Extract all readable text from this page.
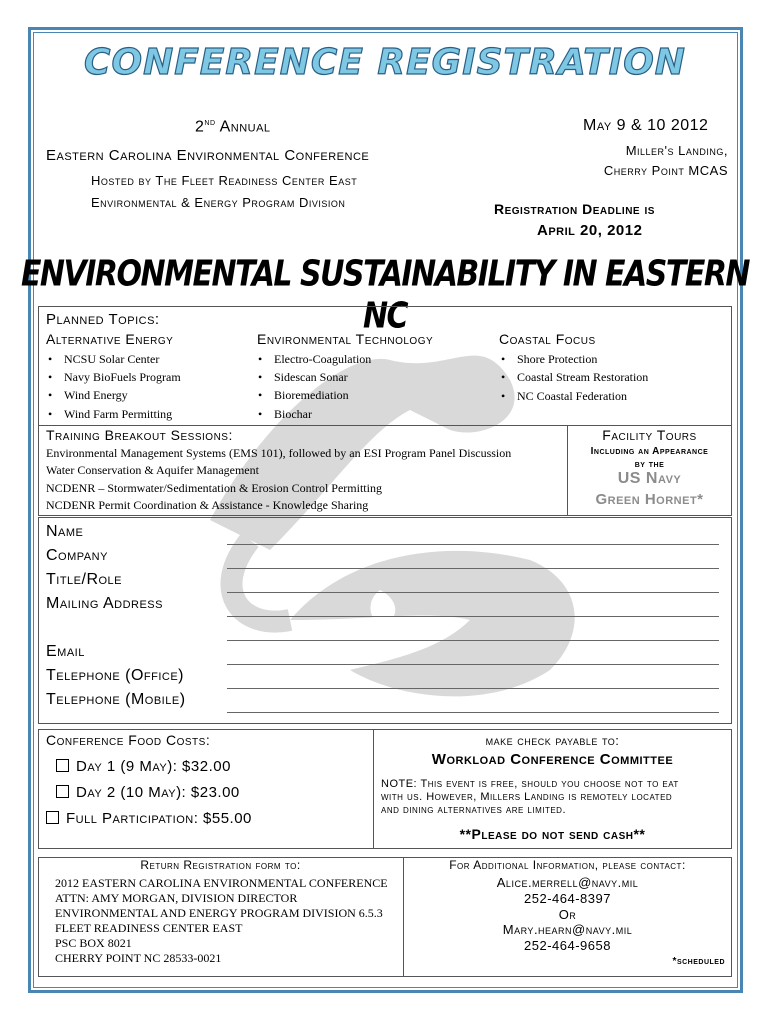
CONFERENCE REGISTRATION
2nd Annual
Eastern Carolina Environmental Conference
Hosted by The Fleet Readiness Center East
Environmental & Energy Program Division
May 9 & 10 2012
Miller's Landing,
Cherry Point MCAS
Registration Deadline is
April 20, 2012
ENVIRONMENTAL SUSTAINABILITY IN EASTERN NC
Planned Topics:
Alternative Energy	Environmental Technology	Coastal Focus
• NCSU Solar Center
• Navy BioFuels Program
• Wind Energy
• Wind Farm Permitting
• Electro-Coagulation
• Sidescan Sonar
• Bioremediation
• Biochar
• Shore Protection
• Coastal Stream Restoration
• NC Coastal Federation
Training Breakout Sessions:
Environmental Management Systems (EMS 101), followed by an ESI Program Panel Discussion
Water Conservation & Aquifer Management
NCDENR – Stormwater/Sedimentation & Erosion Control Permitting
NCDENR Permit Coordination & Assistance - Knowledge Sharing
Facility Tours
Including an Appearance
by the
US Navy
Green Hornet*
Name
Company
Title/Role
Mailing Address
Email
Telephone (Office)
Telephone (Mobile)
Conference Food Costs:
Day 1 (9 May): $32.00
Day 2 (10 May): $23.00
Full Participation: $55.00
make check payable to:
Workload Conference Committee
NOTE: This event is free, should you choose not to eat
with us. However, Millers Landing is remotely located
and dining alternatives are limited.
**Please do not send cash**
Return Registration form to:
2012 EASTERN CAROLINA ENVIRONMENTAL CONFERENCE
ATTN: AMY MORGAN, DIVISION DIRECTOR
ENVIRONMENTAL AND ENERGY PROGRAM DIVISION 6.5.3
FLEET READINESS CENTER EAST
PSC BOX 8021
CHERRY POINT NC 28533-0021
For Additional Information, please contact:
Alice.merrell@navy.mil
252-464-8397
Or
Mary.hearn@navy.mil
252-464-9658
*scheduled
